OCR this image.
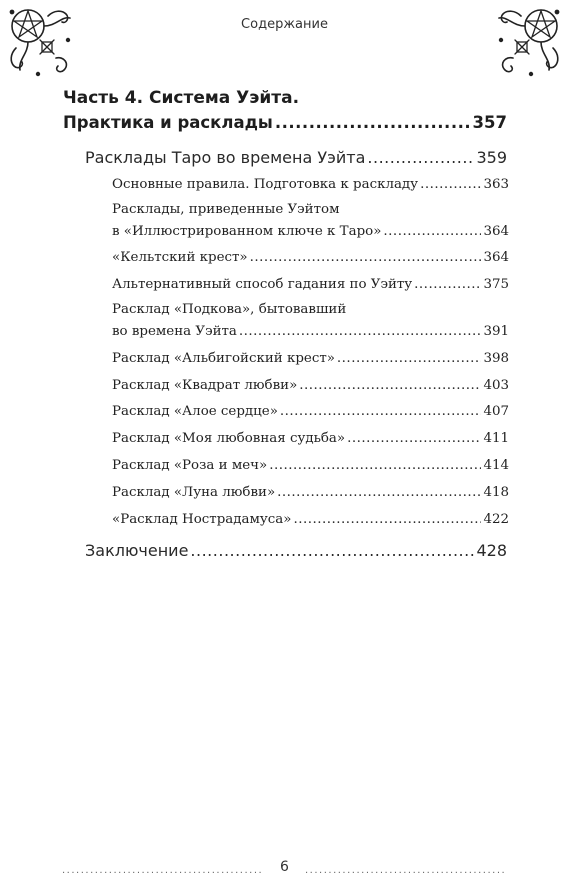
Содержание
Часть 4. Система Уэйта.
Практика и расклады .....	357
Расклады Таро во времена Уэйта .....	359
Основные правила. Подготовка к раскладу .....	363
Расклады, приведенные Уэйтом
в «Иллюстрированном ключе к Таро» .....	364
«Кельтский крест» .....	364
Альтернативный способ гадания по Уэйту .....	375
Расклад «Подкова», бытовавший
во времена Уэйта .....	391
Расклад «Альбигойский крест» .....	398
Расклад «Квадрат любви» .....	403
Расклад «Алое сердце» .....	407
Расклад «Моя любовная судьба» .....	411
Расклад «Роза и меч» .....	414
Расклад «Луна любви» .....	418
«Расклад Нострадамуса» .....	422
Заключение .....	428
.....
6
.....
